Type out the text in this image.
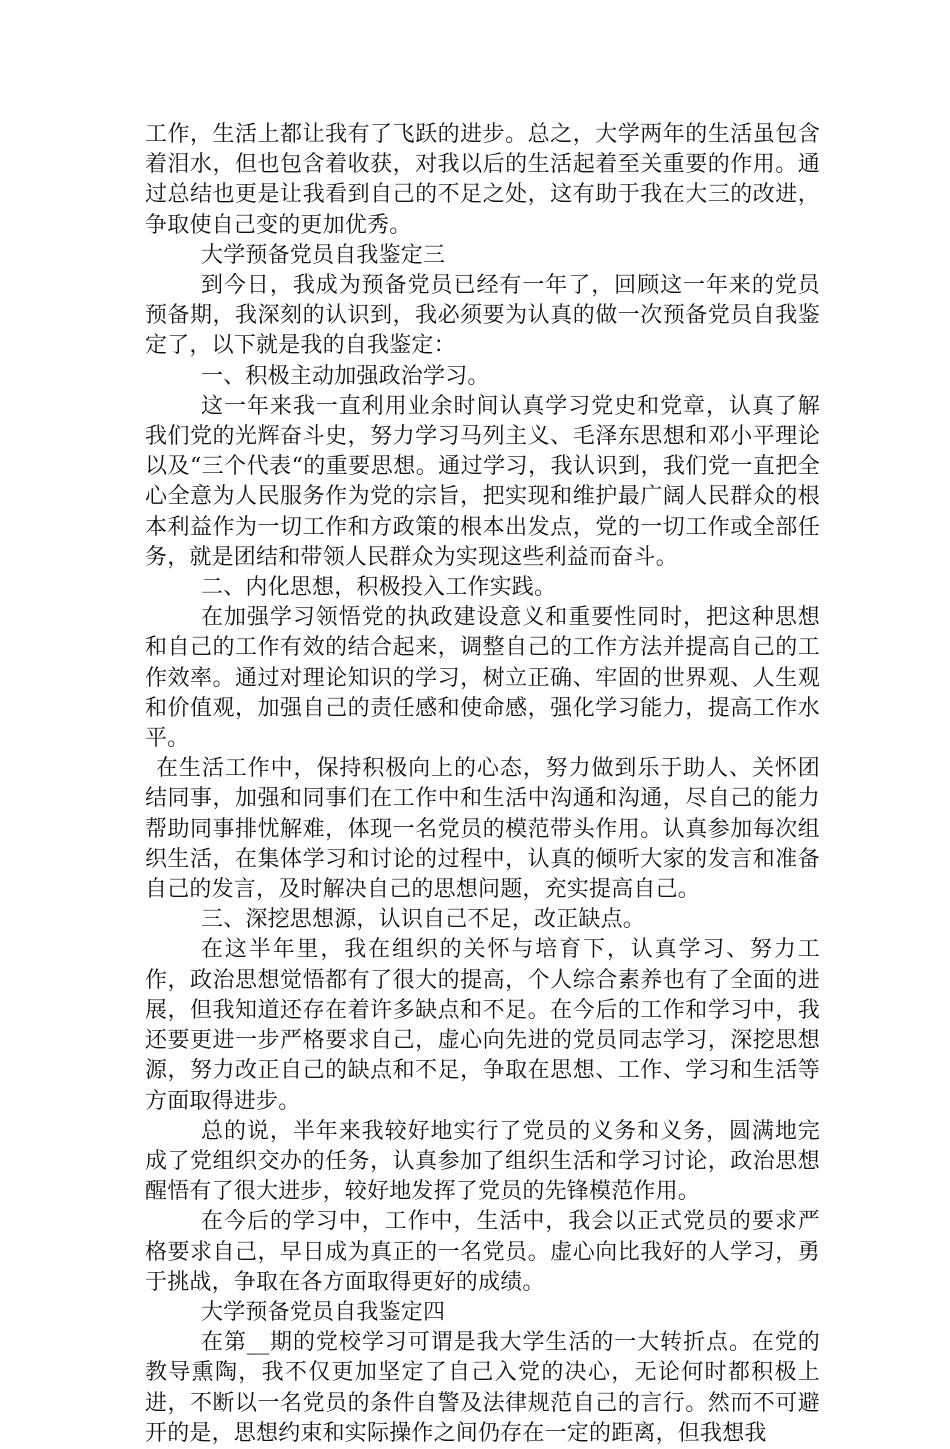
工作，生活上都让我有了飞跃的进步。总之，大学两年的生活虽包含着泪水，但也包含着收获，对我以后的生活起着至关重要的作用。通过总结也更是让我看到自己的不足之处，这有助于我在大三的改进，争取使自己变的更加优秀。

大学预备党员自我鉴定三

到今日，我成为预备党员已经有一年了，回顾这一年来的党员预备期，我深刻的认识到，我必须要为认真的做一次预备党员自我鉴定了，以下就是我的自我鉴定：

一、积极主动加强政治学习。

这一年来我一直利用业余时间认真学习党史和党章，认真了解我们党的光辉奋斗史，努力学习马列主义、毛泽东思想和邓小平理论以及“三个代表“的重要思想。通过学习，我认识到，我们党一直把全心全意为人民服务作为党的宗旨，把实现和维护最广阔人民群众的根本利益作为一切工作和方政策的根本出发点，党的一切工作或全部任务，就是团结和带领人民群众为实现这些利益而奋斗。

二、内化思想，积极投入工作实践。

在加强学习领悟党的执政建设意义和重要性同时，把这种思想和自己的工作有效的结合起来，调整自己的工作方法并提高自己的工作效率。通过对理论知识的学习，树立正确、牢固的世界观、人生观和价值观，加强自己的责任感和使命感，强化学习能力，提高工作水平。

在生活工作中，保持积极向上的心态，努力做到乐于助人、关怀团结同事，加强和同事们在工作中和生活中沟通和沟通，尽自己的能力帮助同事排忧解难，体现一名党员的模范带头作用。认真参加每次组织生活，在集体学习和讨论的过程中，认真的倾听大家的发言和准备自己的发言，及时解决自己的思想问题，充实提高自己。

三、深挖思想源，认识自己不足，改正缺点。

在这半年里，我在组织的关怀与培育下，认真学习、努力工作，政治思想觉悟都有了很大的提高，个人综合素养也有了全面的进展，但我知道还存在着许多缺点和不足。在今后的工作和学习中，我还要更进一步严格要求自己，虚心向先进的党员同志学习，深挖思想源，努力改正自己的缺点和不足，争取在思想、工作、学习和生活等方面取得进步。

总的说，半年来我较好地实行了党员的义务和义务，圆满地完成了党组织交办的任务，认真参加了组织生活和学习讨论，政治思想醒悟有了很大进步，较好地发挥了党员的先锋模范作用。

在今后的学习中，工作中，生活中，我会以正式党员的要求严格要求自己，早日成为真正的一名党员。虚心向比我好的人学习，勇于挑战，争取在各方面取得更好的成绩。

大学预备党员自我鉴定四

在第__期的党校学习可谓是我大学生活的一大转折点。在党的教导熏陶，我不仅更加坚定了自己入党的决心，无论何时都积极上进，不断以一名党员的条件自警及法律规范自己的言行。然而不可避开的是，思想约束和实际操作之间仍存在一定的距离，但我想我
